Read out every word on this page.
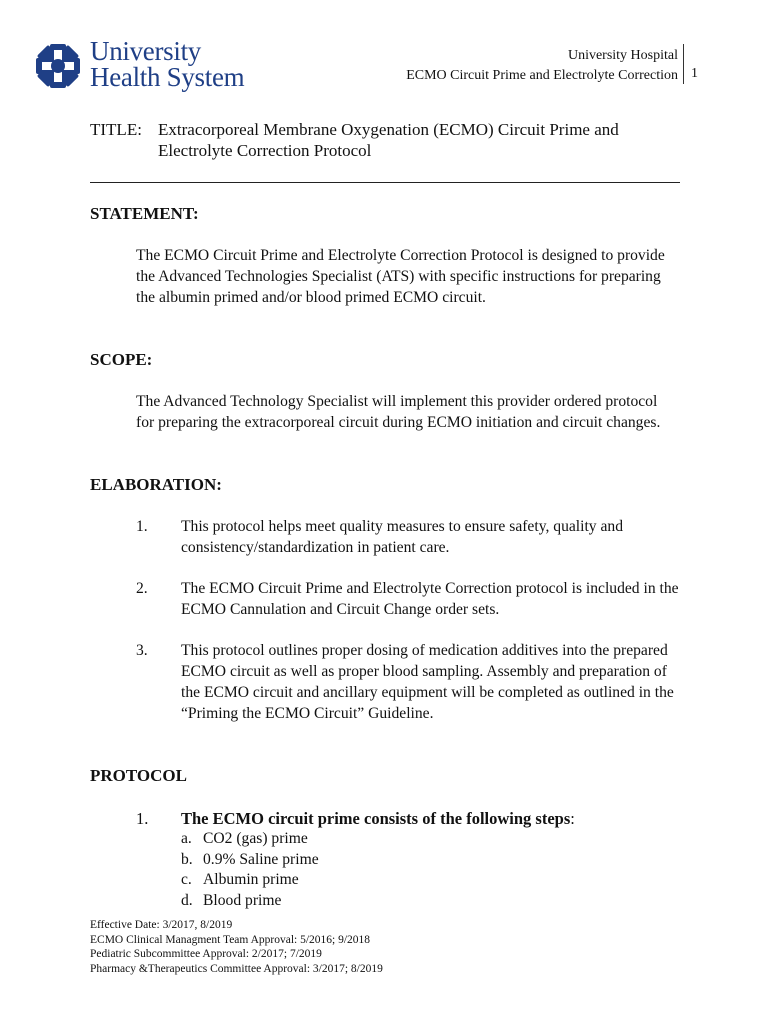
University
Health System
University Hospital
ECMO Circuit Prime and Electrolyte Correction 1
TITLE: Extracorporeal Membrane Oxygenation (ECMO) Circuit Prime and Electrolyte Correction Protocol
STATEMENT:
The ECMO Circuit Prime and Electrolyte Correction Protocol is designed to provide the Advanced Technologies Specialist (ATS) with specific instructions for preparing the albumin primed and/or blood primed ECMO circuit.
SCOPE:
The Advanced Technology Specialist will implement this provider ordered protocol for preparing the extracorporeal circuit during ECMO initiation and circuit changes.
ELABORATION:
1. This protocol helps meet quality measures to ensure safety, quality and consistency/standardization in patient care.
2. The ECMO Circuit Prime and Electrolyte Correction protocol is included in the ECMO Cannulation and Circuit Change order sets.
3. This protocol outlines proper dosing of medication additives into the prepared ECMO circuit as well as proper blood sampling. Assembly and preparation of the ECMO circuit and ancillary equipment will be completed as outlined in the “Priming the ECMO Circuit” Guideline.
PROTOCOL
1. The ECMO circuit prime consists of the following steps:
a. CO2 (gas) prime
b. 0.9% Saline prime
c. Albumin prime
d. Blood prime
Effective Date: 3/2017, 8/2019
ECMO Clinical Managment Team Approval: 5/2016; 9/2018
Pediatric Subcommittee Approval: 2/2017; 7/2019
Pharmacy &Therapeutics Committee Approval: 3/2017; 8/2019
